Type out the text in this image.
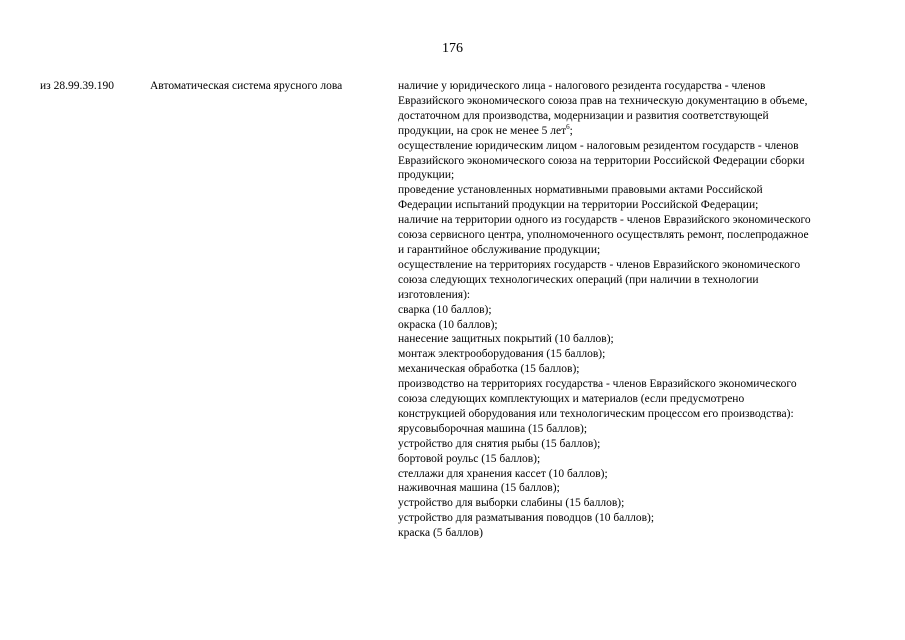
176
из 28.99.39.190	Автоматическая система ярусного лова	наличие у юридического лица - налогового резидента государства - членов
Евразийского экономического союза прав на техническую документацию в объеме,
достаточном для производства, модернизации и развития соответствующей
продукции, на срок не менее 5 лет$^6$;
осуществление юридическим лицом - налоговым резидентом государств - членов
Евразийского экономического союза на территории Российской Федерации сборки
продукции;
проведение установленных нормативными правовыми актами Российской
Федерации испытаний продукции на территории Российской Федерации;
наличие на территории одного из государств - членов Евразийского экономического
союза сервисного центра, уполномоченного осуществлять ремонт, послепродажное
и гарантийное обслуживание продукции;
осуществление на территориях государств - членов Евразийского экономического
союза следующих технологических операций (при наличии в технологии
изготовления):
сварка (10 баллов);
окраска (10 баллов);
нанесение защитных покрытий (10 баллов);
монтаж электрооборудования (15 баллов);
механическая обработка (15 баллов);
производство на территориях государства - членов Евразийского экономического
союза следующих комплектующих и материалов (если предусмотрено
конструкцией оборудования или технологическим процессом его производства):
ярусовыборочная машина (15 баллов);
устройство для снятия рыбы (15 баллов);
бортовой роульс (15 баллов);
стеллажи для хранения кассет (10 баллов);
наживочная машина (15 баллов);
устройство для выборки слабины (15 баллов);
устройство для разматывания поводцов (10 баллов);
краска (5 баллов)
